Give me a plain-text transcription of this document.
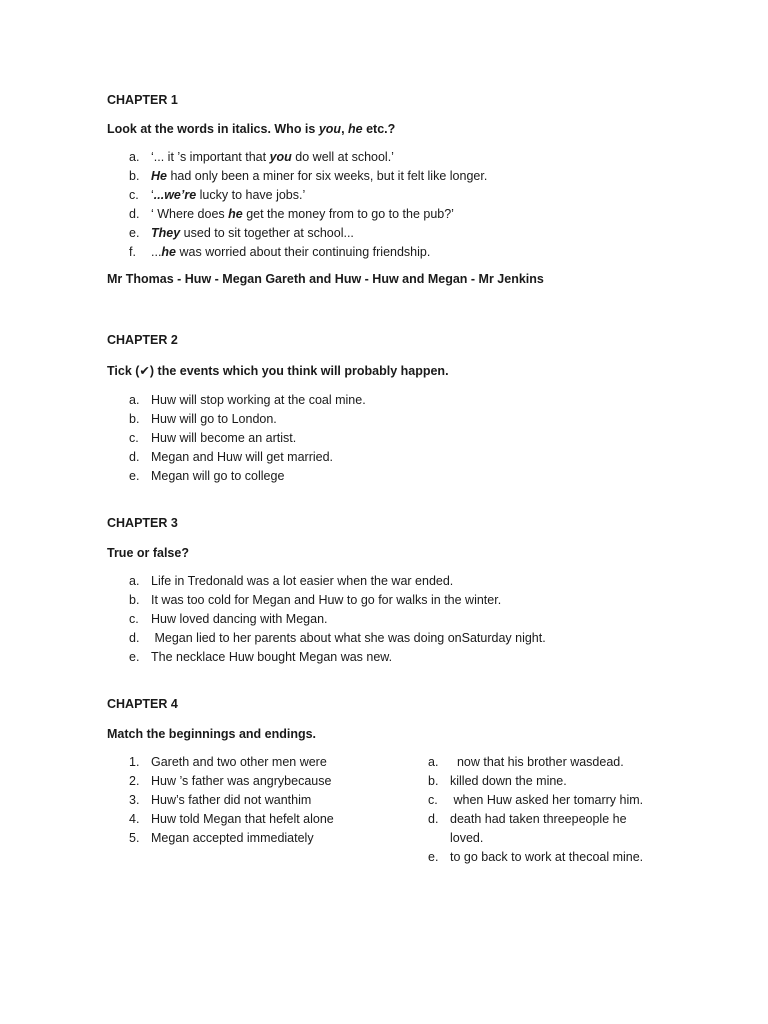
CHAPTER 1

Look at the words in italics. Who is you, he etc.?

a. ‘... it ’s important that you do well at school.’
b. He had only been a miner for six weeks, but it felt like longer.
c. ‘...we’re lucky to have jobs.’
d. ‘ Where does he get the money from to go to the pub?’
e. They used to sit together at school...
f.	...he was worried about their continuing friendship.

Mr Thomas - Huw - Megan Gareth and Huw - Huw and Megan - Mr Jenkins

CHAPTER 2

Tick (✔) the events which you think will probably happen.

a. Huw will stop working at the coal mine.
b. Huw will go to London.
c. Huw will become an artist.
d. Megan and Huw will get married.
e. Megan will go to college

CHAPTER 3

True or false?

a. Life in Tredonald was a lot easier when the war ended.
b. It was too cold for Megan and Huw to go for walks in the winter.
c. Huw loved dancing with Megan.
d. Megan lied to her parents about what she was doing onSaturday night.
e. The necklace Huw bought Megan was new.

CHAPTER 4

Match the beginnings and endings.

1. Gareth and two other men were
2. Huw ’s father was angrybecause
3. Huw’s father did not wanthim
4. Huw told Megan that hefelt alone
5. Megan accepted immediately
a. now that his brother wasdead.
b. killed down the mine.
c. when Huw asked her tomarry him.
d. death had taken threepeople he loved.
e. to go back to work at thecoal mine.
